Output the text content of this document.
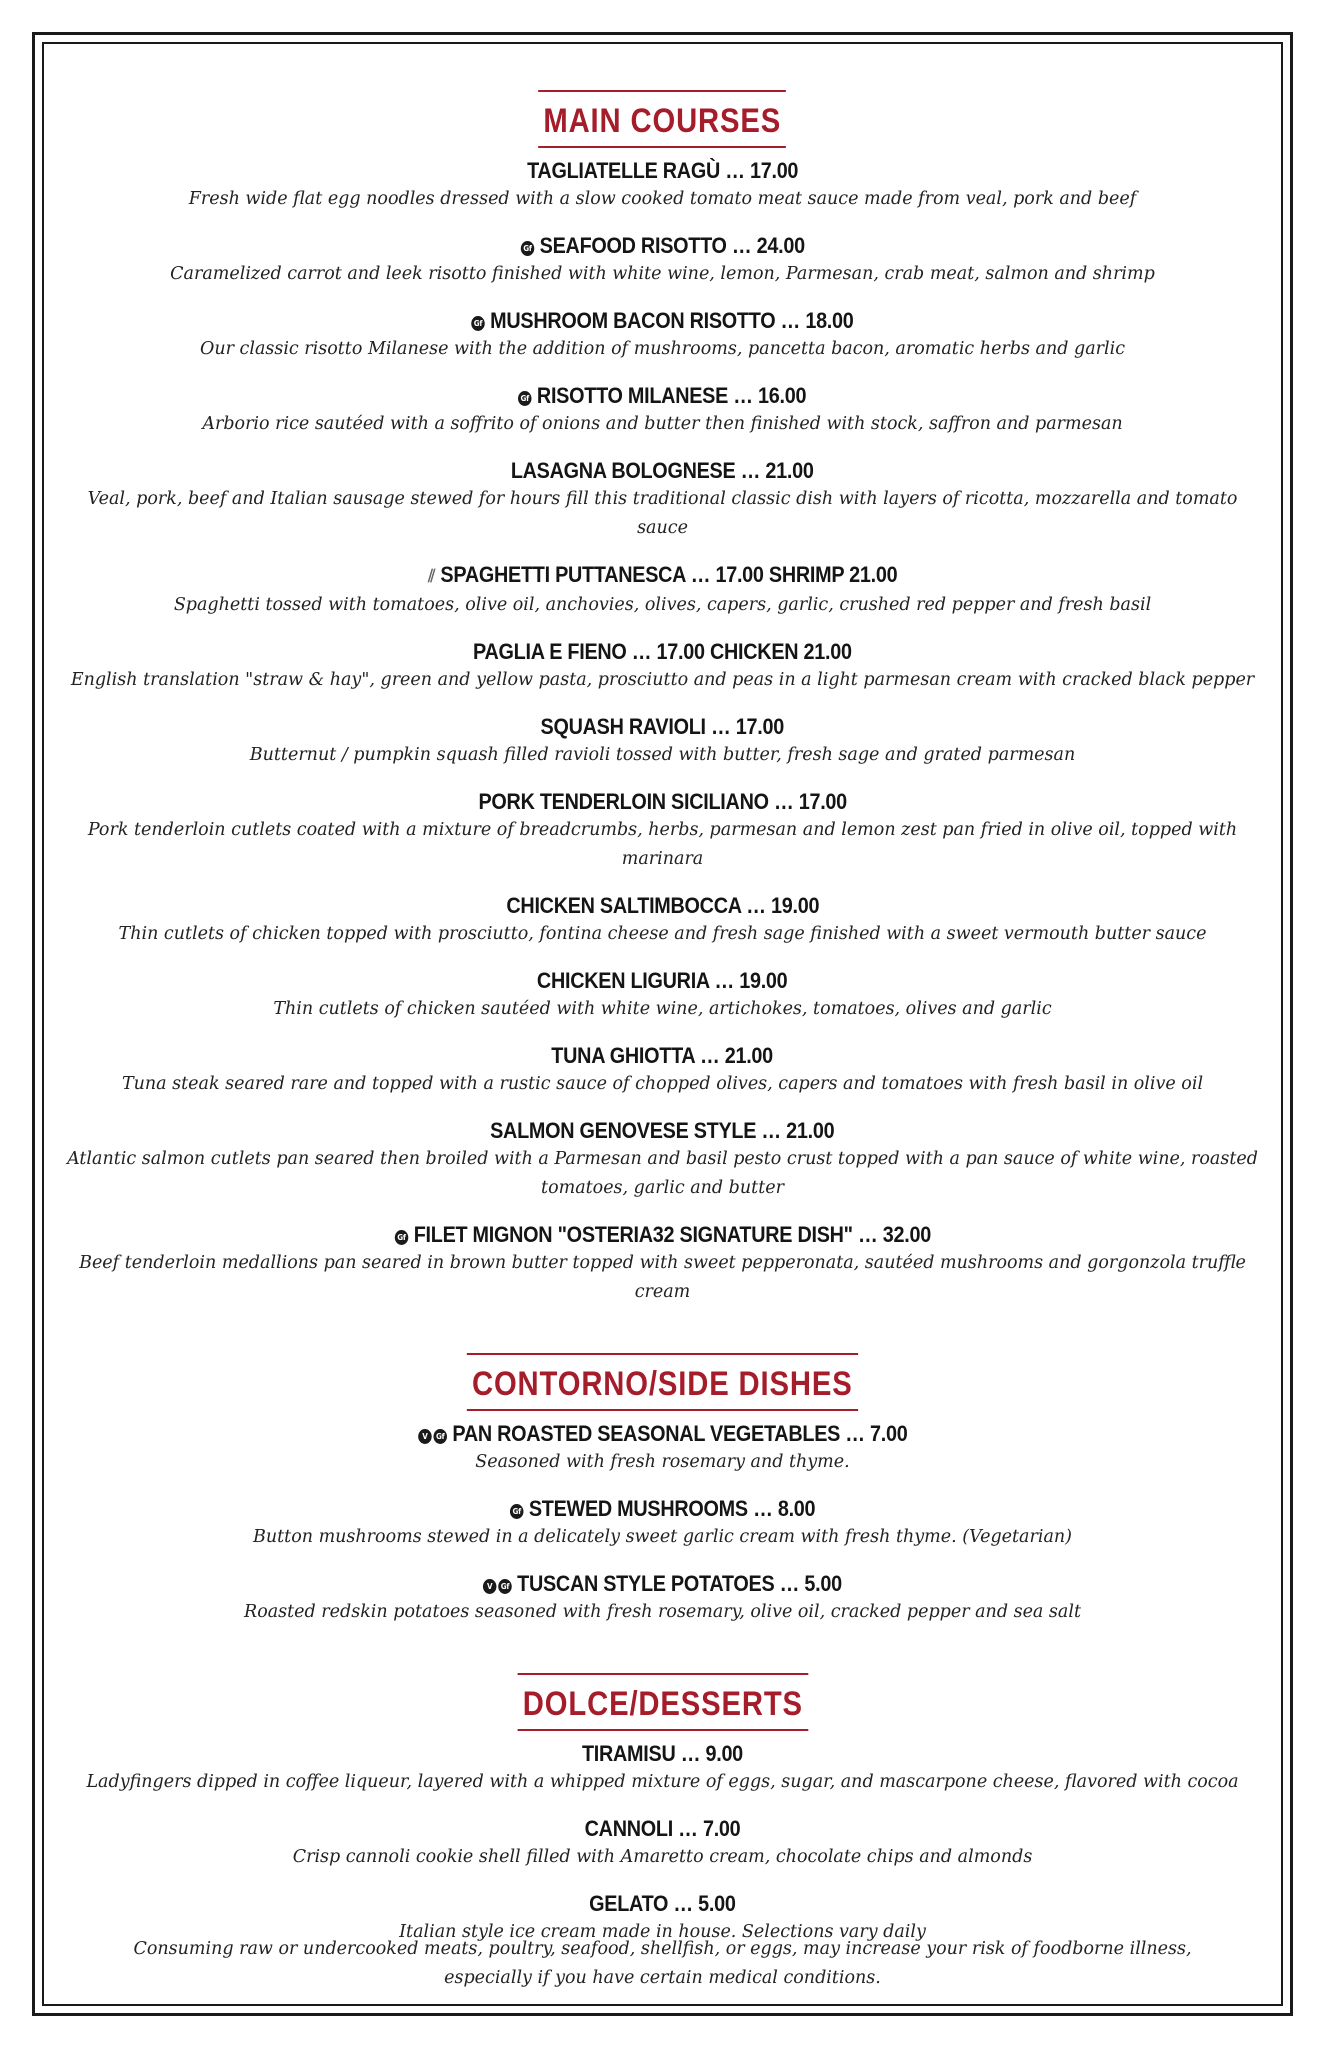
MAIN COURSES
TAGLIATELLE RAGÙ … 17.00
Fresh wide flat egg noodles dressed with a slow cooked tomato meat sauce made from veal, pork and beef
Gf SEAFOOD RISOTTO … 24.00
Caramelized carrot and leek risotto finished with white wine, lemon, Parmesan, crab meat, salmon and shrimp
Gf MUSHROOM BACON RISOTTO … 18.00
Our classic risotto Milanese with the addition of mushrooms, pancetta bacon, aromatic herbs and garlic
Gf RISOTTO MILANESE … 16.00
Arborio rice sautéed with a soffrito of onions and butter then finished with stock, saffron and parmesan
LASAGNA BOLOGNESE … 21.00
Veal, pork, beef and Italian sausage stewed for hours fill this traditional classic dish with layers of ricotta, mozzarella and tomato sauce
⫽ SPAGHETTI PUTTANESCA … 17.00 SHRIMP 21.00
Spaghetti tossed with tomatoes, olive oil, anchovies, olives, capers, garlic, crushed red pepper and fresh basil
PAGLIA E FIENO … 17.00 CHICKEN 21.00
English translation "straw & hay", green and yellow pasta, prosciutto and peas in a light parmesan cream with cracked black pepper
SQUASH RAVIOLI … 17.00
Butternut / pumpkin squash filled ravioli tossed with butter, fresh sage and grated parmesan
PORK TENDERLOIN SICILIANO … 17.00
Pork tenderloin cutlets coated with a mixture of breadcrumbs, herbs, parmesan and lemon zest pan fried in olive oil, topped with marinara
CHICKEN SALTIMBOCCA … 19.00
Thin cutlets of chicken topped with prosciutto, fontina cheese and fresh sage finished with a sweet vermouth butter sauce
CHICKEN LIGURIA … 19.00
Thin cutlets of chicken sautéed with white wine, artichokes, tomatoes, olives and garlic
TUNA GHIOTTA … 21.00
Tuna steak seared rare and topped with a rustic sauce of chopped olives, capers and tomatoes with fresh basil in olive oil
SALMON GENOVESE STYLE … 21.00
Atlantic salmon cutlets pan seared then broiled with a Parmesan and basil pesto crust topped with a pan sauce of white wine, roasted tomatoes, garlic and butter
Gf FILET MIGNON "OSTERIA32 SIGNATURE DISH" … 32.00
Beef tenderloin medallions pan seared in brown butter topped with sweet pepperonata, sautéed mushrooms and gorgonzola truffle cream
CONTORNO/SIDE DISHES
V Gf PAN ROASTED SEASONAL VEGETABLES … 7.00
Seasoned with fresh rosemary and thyme.
Gf STEWED MUSHROOMS … 8.00
Button mushrooms stewed in a delicately sweet garlic cream with fresh thyme. (Vegetarian)
V Gf TUSCAN STYLE POTATOES … 5.00
Roasted redskin potatoes seasoned with fresh rosemary, olive oil, cracked pepper and sea salt
DOLCE/DESSERTS
TIRAMISU … 9.00
Ladyfingers dipped in coffee liqueur, layered with a whipped mixture of eggs, sugar, and mascarpone cheese, flavored with cocoa
CANNOLI … 7.00
Crisp cannoli cookie shell filled with Amaretto cream, chocolate chips and almonds
GELATO … 5.00
Italian style ice cream made in house. Selections vary daily
Consuming raw or undercooked meats, poultry, seafood, shellfish, or eggs, may increase your risk of foodborne illness, especially if you have certain medical conditions.
